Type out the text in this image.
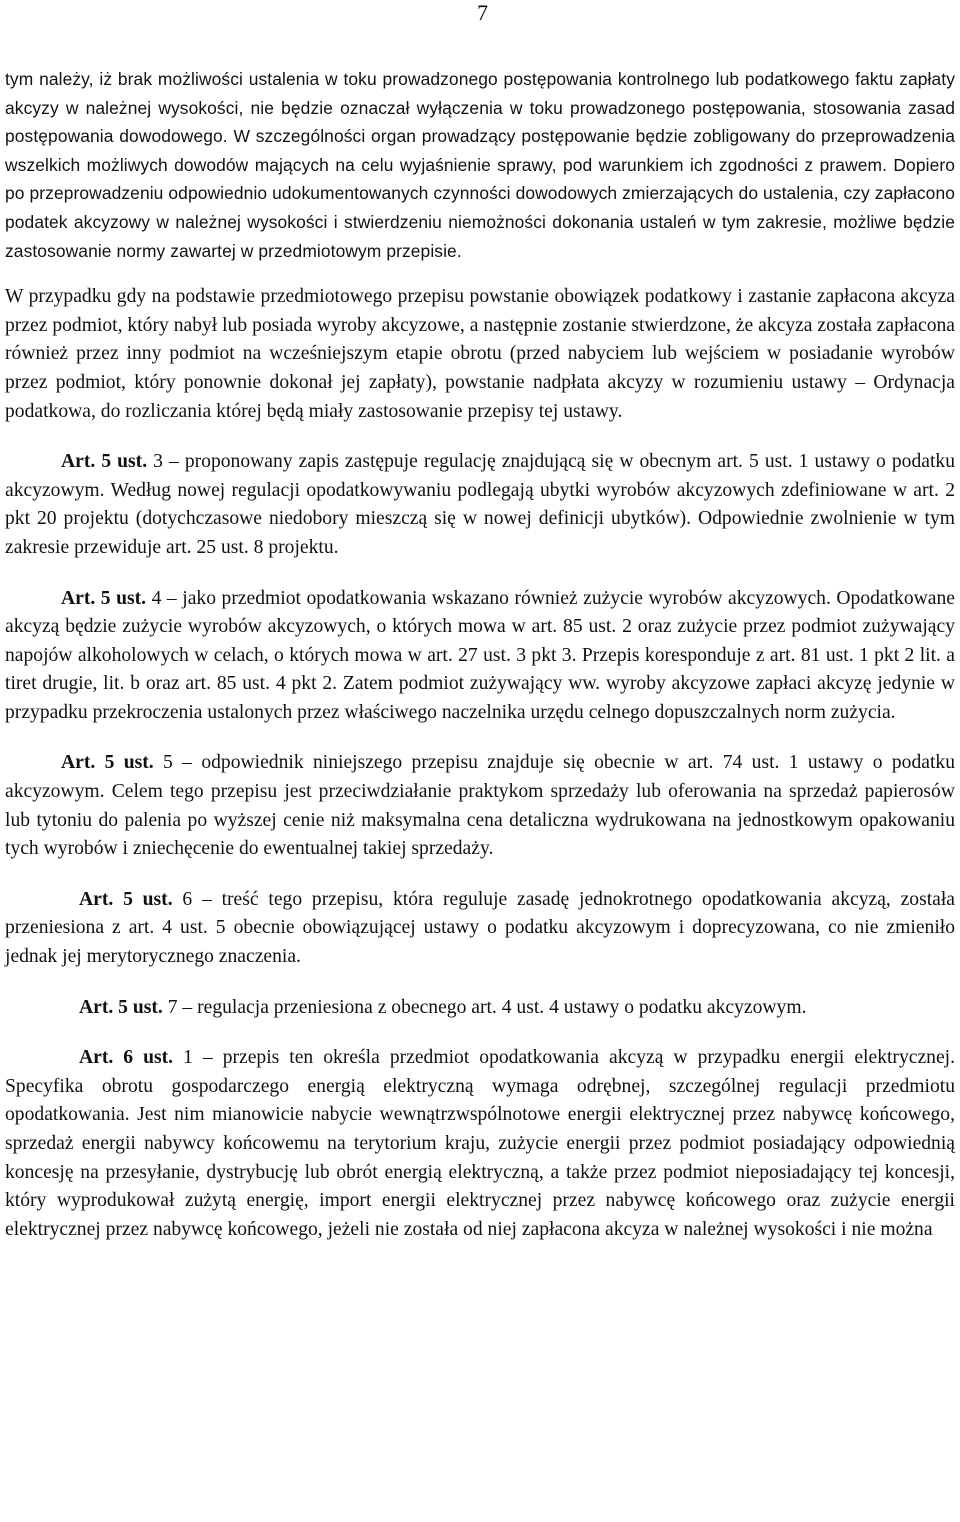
7

tym należy, iż brak możliwości ustalenia w toku prowadzonego postępowania kontrolnego lub podatkowego faktu zapłaty akcyzy w należnej wysokości, nie będzie oznaczał wyłączenia w toku prowadzonego postępowania, stosowania zasad postępowania dowodowego. W szczególności organ prowadzący postępowanie będzie zobligowany do przeprowadzenia wszelkich możliwych dowodów mających na celu wyjaśnienie sprawy, pod warunkiem ich zgodności z prawem. Dopiero po przeprowadzeniu odpowiednio udokumentowanych czynności dowodowych zmierzających do ustalenia, czy zapłacono podatek akcyzowy w należnej wysokości i stwierdzeniu niemożności dokonania ustaleń w tym zakresie, możliwe będzie zastosowanie normy zawartej w przedmiotowym przepisie.

W przypadku gdy na podstawie przedmiotowego przepisu powstanie obowiązek podatkowy i zastanie zapłacona akcyza przez podmiot, który nabył lub posiada wyroby akcyzowe, a następnie zostanie stwierdzone, że akcyza została zapłacona również przez inny podmiot na wcześniejszym etapie obrotu (przed nabyciem lub wejściem w posiadanie wyrobów przez podmiot, który ponownie dokonał jej zapłaty), powstanie nadpłata akcyzy w rozumieniu ustawy – Ordynacja podatkowa, do rozliczania której będą miały zastosowanie przepisy tej ustawy.

Art. 5 ust. 3 – proponowany zapis zastępuje regulację znajdującą się w obecnym art. 5 ust. 1 ustawy o podatku akcyzowym. Według nowej regulacji opodatkowywaniu podlegają ubytki wyrobów akcyzowych zdefiniowane w art. 2 pkt 20 projektu (dotychczasowe niedobory mieszczą się w nowej definicji ubytków). Odpowiednie zwolnienie w tym zakresie przewiduje art. 25 ust. 8 projektu.

Art. 5 ust. 4 – jako przedmiot opodatkowania wskazano również zużycie wyrobów akcyzowych. Opodatkowane akcyzą będzie zużycie wyrobów akcyzowych, o których mowa w art. 85 ust. 2 oraz zużycie przez podmiot zużywający napojów alkoholowych w celach, o których mowa w art. 27 ust. 3 pkt 3. Przepis koresponduje z art. 81 ust. 1 pkt 2 lit. a tiret drugie, lit. b oraz art. 85 ust. 4 pkt 2. Zatem podmiot zużywający ww. wyroby akcyzowe zapłaci akcyzę jedynie w przypadku przekroczenia ustalonych przez właściwego naczelnika urzędu celnego dopuszczalnych norm zużycia.

Art. 5 ust. 5 – odpowiednik niniejszego przepisu znajduje się obecnie w art. 74 ust. 1 ustawy o podatku akcyzowym. Celem tego przepisu jest przeciwdziałanie praktykom sprzedaży lub oferowania na sprzedaż papierosów lub tytoniu do palenia po wyższej cenie niż maksymalna cena detaliczna wydrukowana na jednostkowym opakowaniu tych wyrobów i zniechęcenie do ewentualnej takiej sprzedaży.

Art. 5 ust. 6 – treść tego przepisu, która reguluje zasadę jednokrotnego opodatkowania akcyzą, została przeniesiona z art. 4 ust. 5 obecnie obowiązującej ustawy o podatku akcyzowym i doprecyzowana, co nie zmieniło jednak jej merytorycznego znaczenia.

Art. 5 ust. 7 – regulacja przeniesiona z obecnego art. 4 ust. 4 ustawy o podatku akcyzowym.

Art. 6 ust. 1 – przepis ten określa przedmiot opodatkowania akcyzą w przypadku energii elektrycznej. Specyfika obrotu gospodarczego energią elektryczną wymaga odrębnej, szczególnej regulacji przedmiotu opodatkowania. Jest nim mianowicie nabycie wewnątrzwspólnotowe energii elektrycznej przez nabywcę końcowego, sprzedaż energii nabywcy końcowemu na terytorium kraju, zużycie energii przez podmiot posiadający odpowiednią koncesję na przesyłanie, dystrybucję lub obrót energią elektryczną, a także przez podmiot nieposiadający tej koncesji, który wyprodukował zużytą energię, import energii elektrycznej przez nabywcę końcowego oraz zużycie energii elektrycznej przez nabywcę końcowego, jeżeli nie została od niej zapłacona akcyza w należnej wysokości i nie można
